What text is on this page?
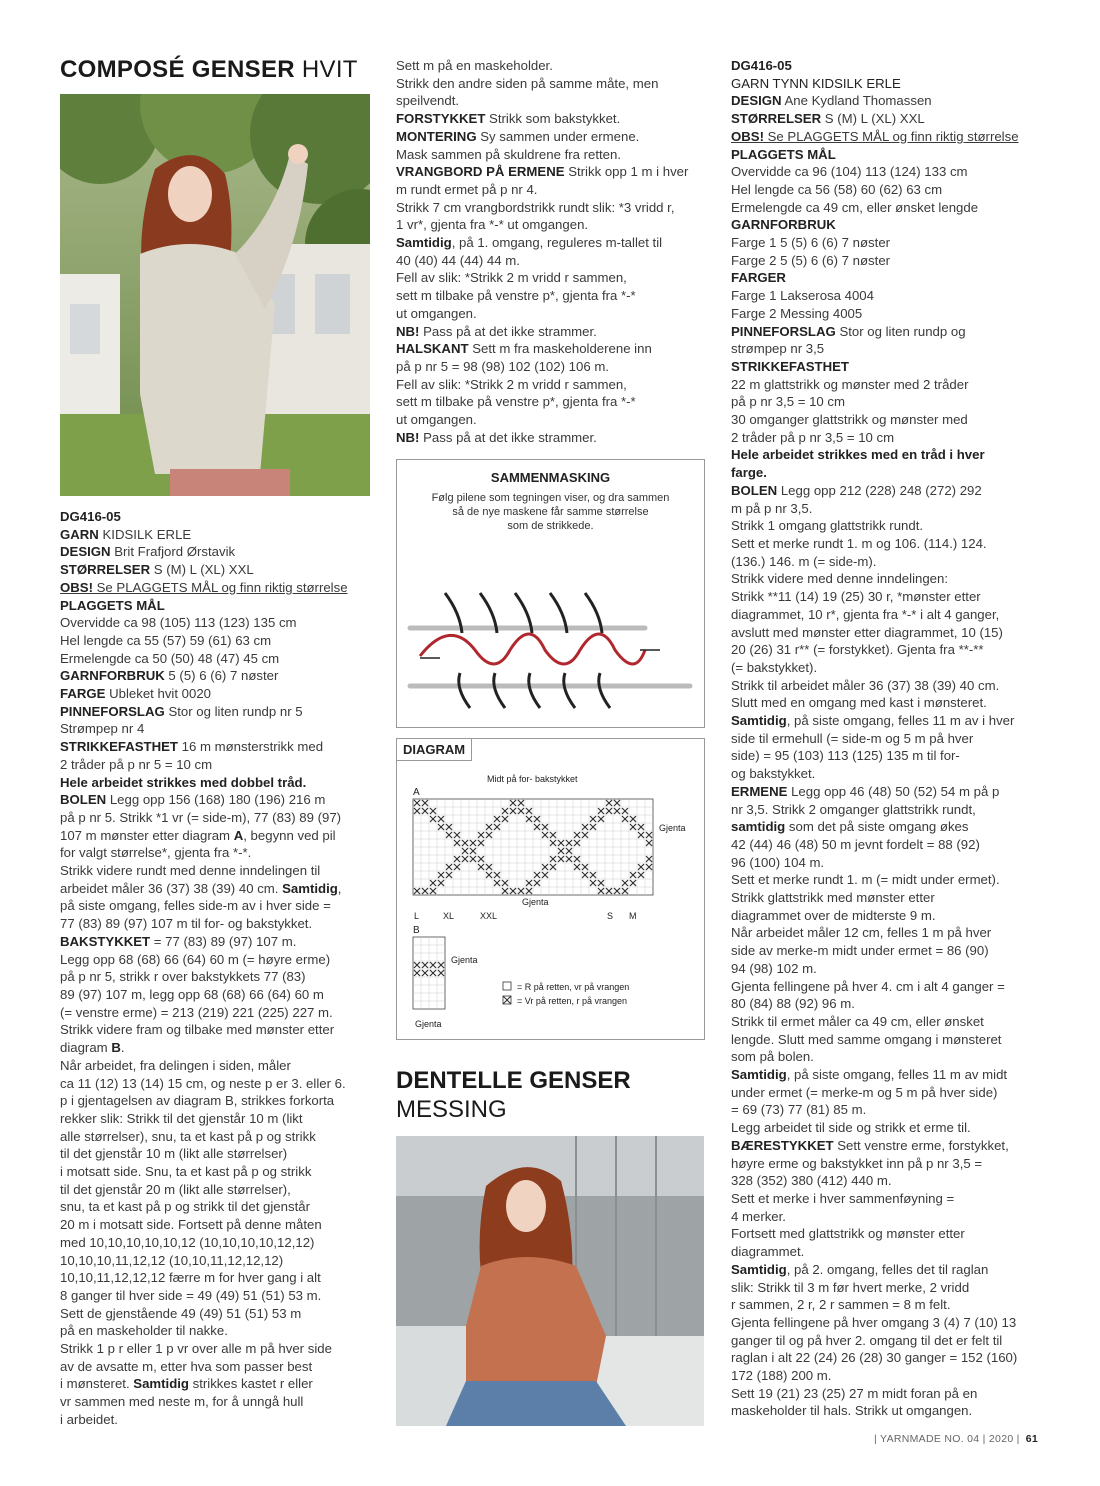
COMPOSÉ GENSER HVIT

DG416-05

GARN KIDSILK ERLE

DESIGN Brit Frafjord Ørstavik

STØRRELSER S (M) L (XL) XXL

OBS! Se PLAGGETS MÅL og finn riktig størrelse

PLAGGETS MÅL

Overvidde ca 98 (105) 113 (123) 135 cm

Hel lengde ca 55 (57) 59 (61) 63 cm

Ermelengde ca 50 (50) 48 (47) 45 cm

GARNFORBRUK 5 (5) 6 (6) 7 nøster

FARGE Ubleket hvit 0020

PINNEFORSLAG Stor og liten rundp nr 5

Strømpep nr 4

STRIKKEFASTHET 16 m mønsterstrikk med

2 tråder på p nr 5 = 10 cm

Hele arbeidet strikkes med dobbel tråd.

BOLEN Legg opp 156 (168) 180 (196) 216 m

på p nr 5. Strikk *1 vr (= side-m), 77 (83) 89 (97)

107 m mønster etter diagram A, begynn ved pil

for valgt størrelse*, gjenta fra *-*.

Strikk videre rundt med denne inndelingen til

arbeidet måler 36 (37) 38 (39) 40 cm. Samtidig,

på siste omgang, felles side-m av i hver side =

77 (83) 89 (97) 107 m til for- og bakstykket.

BAKSTYKKET = 77 (83) 89 (97) 107 m.

Legg opp 68 (68) 66 (64) 60 m (= høyre erme)

på p nr 5, strikk r over bakstykkets 77 (83)

89 (97) 107 m, legg opp 68 (68) 66 (64) 60 m

(= venstre erme) = 213 (219) 221 (225) 227 m.

Strikk videre fram og tilbake med mønster etter

diagram B.

Når arbeidet, fra delingen i siden, måler

ca 11 (12) 13 (14) 15 cm, og neste p er 3. eller 6.

p i gjentagelsen av diagram B, strikkes forkorta

rekker slik: Strikk til det gjenstår 10 m (likt

alle størrelser), snu, ta et kast på p og strikk

til det gjenstår 10 m (likt alle størrelser)

i motsatt side. Snu, ta et kast på p og strikk

til det gjenstår 20 m (likt alle størrelser),

snu, ta et kast på p og strikk til det gjenstår

20 m i motsatt side. Fortsett på denne måten

med 10,10,10,10,10,12 (10,10,10,10,12,12)

10,10,10,11,12,12 (10,10,11,12,12,12)

10,10,11,12,12,12 færre m for hver gang i alt

8 ganger til hver side = 49 (49) 51 (51) 53 m.

Sett de gjenstående 49 (49) 51 (51) 53 m

på en maskeholder til nakke.

Strikk 1 p r eller 1 p vr over alle m på hver side

av de avsatte m, etter hva som passer best

i mønsteret. Samtidig strikkes kastet r eller

vr sammen med neste m, for å unngå hull

i arbeidet.

Sett m på en maskeholder.

Strikk den andre siden på samme måte, men

speilvendt.

FORSTYKKET Strikk som bakstykket.

MONTERING Sy sammen under ermene.

Mask sammen på skuldrene fra retten.

VRANGBORD PÅ ERMENE Strikk opp 1 m i hver

m rundt ermet på p nr 4.

Strikk 7 cm vrangbordstrikk rundt slik: *3 vridd r,

1 vr*, gjenta fra *-* ut omgangen.

Samtidig, på 1. omgang, reguleres m-tallet til

40 (40) 44 (44) 44 m.

Fell av slik: *Strikk 2 m vridd r sammen,

sett m tilbake på venstre p*, gjenta fra *-*

ut omgangen.

NB! Pass på at det ikke strammer.

HALSKANT Sett m fra maskeholderene inn

på p nr 5 = 98 (98) 102 (102) 106 m.

Fell av slik: *Strikk 2 m vridd r sammen,

sett m tilbake på venstre p*, gjenta fra *-*

ut omgangen.

NB! Pass på at det ikke strammer.

SAMMENMASKING
Følg pilene som tegningen viser, og dra sammen
så de nye maskene får samme størrelse
som de strikkede.
DIAGRAM
Midt på for- bakstykket
A
Gjenta
Gjenta
L	XL	XXL	S M
B
Gjenta
Gjenta
= R på retten, vr på vrangen
= Vr på retten, r på vrangen
DENTELLE GENSER
MESSING

DG416-05

GARN TYNN KIDSILK ERLE

DESIGN Ane Kydland Thomassen

STØRRELSER S (M) L (XL) XXL

OBS! Se PLAGGETS MÅL og finn riktig størrelse

PLAGGETS MÅL

Overvidde ca 96 (104) 113 (124) 133 cm

Hel lengde ca 56 (58) 60 (62) 63 cm

Ermelengde ca 49 cm, eller ønsket lengde

GARNFORBRUK

Farge 1 5 (5) 6 (6) 7 nøster

Farge 2 5 (5) 6 (6) 7 nøster

FARGER

Farge 1 Lakserosa 4004

Farge 2 Messing 4005

PINNEFORSLAG Stor og liten rundp og

strømpep nr 3,5

STRIKKEFASTHET

22 m glattstrikk og mønster med 2 tråder

på p nr 3,5 = 10 cm

30 omganger glattstrikk og mønster med

2 tråder på p nr 3,5 = 10 cm

Hele arbeidet strikkes med en tråd i hver

farge.

BOLEN Legg opp 212 (228) 248 (272) 292

m på p nr 3,5.

Strikk 1 omgang glattstrikk rundt.

Sett et merke rundt 1. m og 106. (114.) 124.

(136.) 146. m (= side-m).

Strikk videre med denne inndelingen:

Strikk **11 (14) 19 (25) 30 r, *mønster etter

diagrammet, 10 r*, gjenta fra *-* i alt 4 ganger,

avslutt med mønster etter diagrammet, 10 (15)

20 (26) 31 r** (= forstykket). Gjenta fra **-**

(= bakstykket).

Strikk til arbeidet måler 36 (37) 38 (39) 40 cm.

Slutt med en omgang med kast i mønsteret.

Samtidig, på siste omgang, felles 11 m av i hver

side til ermehull (= side-m og 5 m på hver

side) = 95 (103) 113 (125) 135 m til for-

og bakstykket.

ERMENE Legg opp 46 (48) 50 (52) 54 m på p

nr 3,5. Strikk 2 omganger glattstrikk rundt,

samtidig som det på siste omgang økes

42 (44) 46 (48) 50 m jevnt fordelt = 88 (92)

96 (100) 104 m.

Sett et merke rundt 1. m (= midt under ermet).

Strikk glattstrikk med mønster etter

diagrammet over de midterste 9 m.

Når arbeidet måler 12 cm, felles 1 m på hver

side av merke-m midt under ermet = 86 (90)

94 (98) 102 m.

Gjenta fellingene på hver 4. cm i alt 4 ganger =

80 (84) 88 (92) 96 m.

Strikk til ermet måler ca 49 cm, eller ønsket

lengde. Slutt med samme omgang i mønsteret

som på bolen.

Samtidig, på siste omgang, felles 11 m av midt

under ermet (= merke-m og 5 m på hver side)

= 69 (73) 77 (81) 85 m.

Legg arbeidet til side og strikk et erme til.

BÆRESTYKKET Sett venstre erme, forstykket,

høyre erme og bakstykket inn på p nr 3,5 =

328 (352) 380 (412) 440 m.

Sett et merke i hver sammenføyning =

4 merker.

Fortsett med glattstrikk og mønster etter

diagrammet.

Samtidig, på 2. omgang, felles det til raglan

slik: Strikk til 3 m før hvert merke, 2 vridd

r sammen, 2 r, 2 r sammen = 8 m felt.

Gjenta fellingene på hver omgang 3 (4) 7 (10) 13

ganger til og på hver 2. omgang til det er felt til

raglan i alt 22 (24) 26 (28) 30 ganger = 152 (160)

172 (188) 200 m.

Sett 19 (21) 23 (25) 27 m midt foran på en

maskeholder til hals. Strikk ut omgangen.

| YARNMADE NO. 04 | 2020 | 61
